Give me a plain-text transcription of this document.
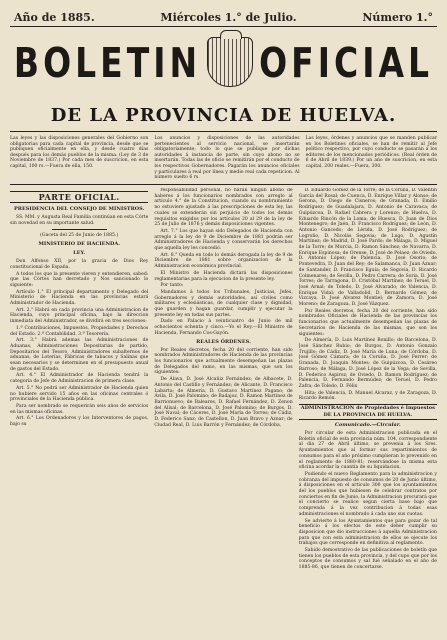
Año de 1885.	Miércoles 1.° de Julio.	Número 1.°
BOLETIN OFICIAL
DE LA PROVINCIA DE HUELVA.
Las leyes y las disposiciones generales del Gobierno son obligatorias para cada capital de provincia, desde que se publiquen oficialmente en ella, y desde cuatro días después para los demás pueblos de la misma. (Ley de 3 de Noviembre de 1837.) Por cada mes de suscricion, en esta capital, 100 rs.—Fuera de ella, 150.
Los anuncios y disposiciones de las autoridades pertenecientes al servicio nacional, se insertarán obligatoriamente; todo lo que se publique por dichas autoridades á instancia de parte, sin cuyo abono no se insertarán. Todas las de oficio se remitirán por el conducto de los respectivos Gobernadores. Pagarán los anuncios oficiales y particulares á real por línea y medio real cada repeticion. Al número suelto 6 rs.
Las leyes, órdenes y anuncios que se manden publicar en los Boletines oficiales, se han de remitir al Jefe político respectivo, por cuyo conducto se pasarán á los editores de los mencionados periódicos. (Real órden de 6 de Abril de 1839.) Por un año de suscricion, en esta capital, 200 reales.—Fuera, 300.
PARTE OFICIAL.
PRESIDENCIA DEL CONSEJO DE MINISTROS.

SS. MM. y Augusta Real Familia continúan en esta Córte sin novedad en su importante salud.

(Gaceta del 25 de Junio de 1885.)

MINISTERIO DE HACIENDA.
LEY.

Don Alfonso XII, por la gracia de Dios Rey constitucional de España.

A todos los que la presente vieren y entendieren, sabed: que las Córtes han decretado y Nos sancionado lo siguiente:

Artículo 1.° El principal departamento y Delegado del Ministerio de Hacienda en las provincias estará Administrador de Hacienda.

Art. 2.° Habrá en cada provincia una Administracion de Hacienda, cuyo principal oficina, bajo la direccion inmediata del Administrador, se dividirá en tres secciones:

1.ª Contribuciones, Impuestos, Propiedades y Derechos del Estado. 2.ª Contabilidad. 3.ª Tesorería.

Art. 3.° Habrá ademas las Administraciones de Aduanas, Administraciones Depositarias de partido, Depositarios del Tesoro, Administradores subalternos de aduanas, de Loterías, Fábricas de tabacos y Salinas que sean necesarios y se determinen en el presupuesto anual de gastos del Estado.

Art. 4.° El Administrador de Hacienda tendrá la categoría de Jefe de Administracion de primera clase.

Art. 5.° No podrá ser Administrador de Hacienda quien no hubiere servido 15 años en las oficinas centrales ó provinciales de la Hacienda pública.

Para ser nombrado se requerirán seis años de servicios en las mismas oficinas.

Art. 6.° Los Ordenadores y los Interventores de pagos, bajo su

responsabilidad personal, no harán ningun abono de haberes á los funcionarios nombrados con arreglo al artículo 4.° de la Constitucion, cuando su nombramiento no estuviere ajustado á las prescripciones de esta ley, las cuales se extenderán sin perjuicio de todos los demás requisitos exigidos por los artículos 20 al 29 de la ley de 25 de Julio de 1876 y demás disposiciones vigentes.

Art. 7.° Los que hayan sido Delegados de Hacienda con arreglo á la ley de 9 de Diciembre de 1881 podrán ser Administradores de Hacienda y conservarán los derechos que aquella ley les concedió.

Art. 8.° Queda en todo lo demás derogada la ley de 9 de Diciembre de 1881 sobre organizacion de la Administracion económica provincial.

El Ministro de Hacienda dictará las disposiciones reglamentarias para la ejecucion de la presente ley.

Por tanto:

Mandamos á todos los Tribunales, Justicias, Jefes, Gobernadores y demás autoridades, así civiles como militares y eclesiásticas, de cualquier clase y dignidad, que guarden y hagan guardar, cumplir y ejecutar la presente ley en todas sus partes.

Dado en Palacio á veinticuatro de Junio de mil ochocientos ochenta y cinco.—Yo el Rey.—El Ministro de Hacienda, Fernando Cos-Gayón.

REALES ÓRDENES.

Por Reales decretos, fecha 20 del corriente, han sido nombrados Administradores de Hacienda de las provincias los funcionarios que actualmente desempeñan las plazas de Delegados del ramo, en las mismas, que son los siguientes:

De Álava, D. José Alcañiz Fernández; de Albacete, D. Antonio del Castillo y Fernández; de Alicante, D. Francisco Labarta; de Almería, D. Gustavo Martínez Pagano; de Ávila, D. José Palomino; de Badajoz, D. Ramon Martínez de Barrionuevo; de Baleares, D. Rafael Fernández, D. Zenon del Alisal; de Barcelona, D. José Palomino; de Burgos, D. José Naval; de Cáceres, D. José María de Torres; de Cádiz, D. Federico Sanz; de Castellon, D. Juan Bravo y Aznar; de Ciudad Real, D. Luis Barrón y Fernández; de Córdoba,

D. Eduardo Gómez de la Torre; de la Coruña, D. Valentín García del Rosal; de Cuenca, D. Enrique Villar y Alonso; de Gerona, D. Diego de Cisneros; de Granada, D. Emilio Rodríguez; de Guadalajara, D. Antonio de Caravaca; de Guipúzcoa, D. Rafael Cabrera y Lorenzo; de Huelva, D. Eduardo Rincón de la Loma; de Huesca, D. Juan de Dios Montenegro; de Jaén, D. Francisco Rodríguez; de León, D. Antonio Gancedo; de Lérida, D. José Rodríguez; de Logroño, D. Nicolás Segovia; de Lugo, D. Agustín Martínez; de Madrid, D. José Pardo; de Málaga, D. Miguel de la Torre; de Murcia, D. Ramon Sánchez; de Navarra, D. Enrique Espinosa; de Orense, D. José de Pelaez; de Oviedo, D. Antonio López; de Palencia, D. José Osorio; de Pontevedra, D. Juan del Rey; de Salamanca, D. Juan Aznar; de Santander, D. Francisco Eguía; de Segovia, D. Ricardo Colmenares; de Sevilla, D. Pedro Carrera; de Soria, D. José Torres; de Tarragona, D. Cristóbal Martínez; de Teruel, D. José Arnal; de Toledo, D. José Alvarado; de Valencia, D. Enrique Vidal; de Valladolid, D. Bernardo Gómez; de Vizcaya, D. José Alvarez Montiel; de Zamora, D. José Moreno; de Zaragoza, D. José Vázquez.

Por Reales decretos, fecha 20 del corriente, han sido nombrados Oficiales de Hacienda de las provincias los funcionarios que actualmente desempeñan las plazas de Secretarios de Hacienda de las mismas, que son los siguientes:

De Almería, D. Luis Martínez Bonillo; de Barcelona, D. José Sánchez Rubio; de Burgos, D. Antonio Gonzalo Trujillo; de Cádiz, D. José María de Luna; de Córdoba, D. José Gómez Cámara; de la Coruña, D. José Ferrer; de Granada, D. Joaquin Montes; de Guipúzcoa, D. Cesáreo Barroso; de Málaga, D. José López de la Vega; de Sevilla, D. Federico Aspiroz; de Oviedo, D. Ramon Rodríguez; de Palencia, D. Fernando Bermúdez; de Teruel, D. Pedro Zafra; de Toledo, D. Félix

Hita; de Valencia, D. Manuel Alcaraz, y de Zaragoza, D. Ricardo Remón.

ADMINISTRACION de Propiedades é Impuestos DE LA PROVINCIA DE HUELVA.
Comunicado.—Circular.

Por circular de esta Administracion publicada en el Boletin oficial de esta provincia núm. 104, correspondiente al dia 27 de Abril último, se prevenia á los Sres. Ayuntamientos que al formar sus repartimientos de consumos para el año próximo cumplieran lo prevenido en el reglamento de 1880-81; reservándose la misma esta oficina acordar la cuantía de su liquidacion.

Pudiendo el nuevo Reglamento para la administracion y cobranza del impuesto de consumos de 20 de Junio último, á disposiciones en el artículo 300 que los ayuntamientos del los pueblos que hubiesen de celebrar contratos por conciertos en fin de Junio, la Administracion procurará que el concierto se realice segun cierta base bajo que comprenda á la vez contribucion á todas esas administraciones el nombrado á cada uno sus cuotas.

Se advierte á los Ayuntamientos que para gozar de tal beneficio á los efectos de este deber cumplir su disposicion que dio instrucciones á aquella Administracion para que con esta administracion de ellos se ejecute los trabajos que corresponde en definitiva al reglamento.

Sabido demostrativo de las publicaciones de boletín que tienen los pueblos de esta provincia, y del cupo que por los conceptos de consumos y sal fué señalado en el año de 1885-86, que tienen de concertarse.
